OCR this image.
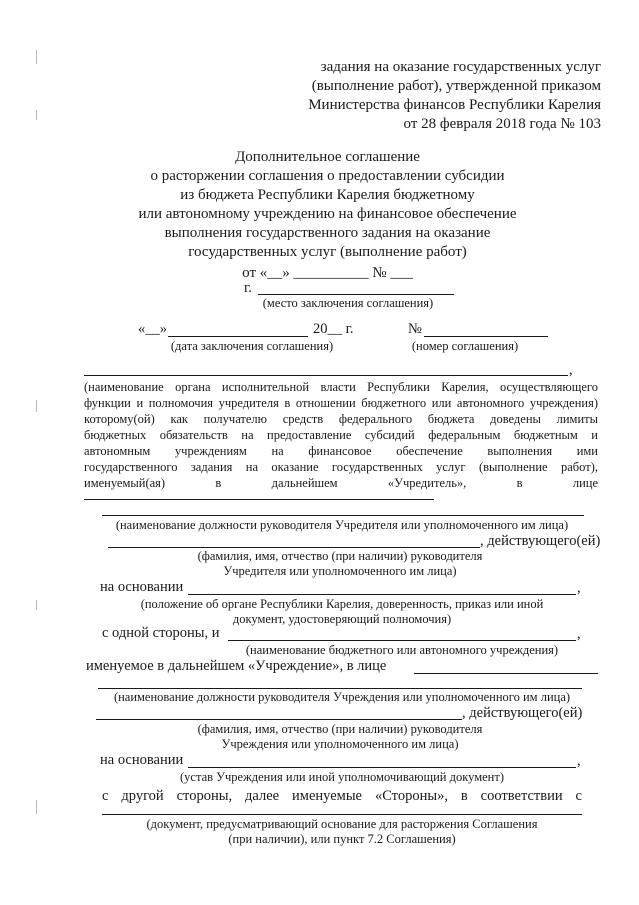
задания на оказание государственных услуг
(выполнение работ), утвержденной приказом
Министерства финансов Республики Карелия
от 28 февраля 2018 года № 103
Дополнительное соглашение
о расторжении соглашения о предоставлении субсидии
из бюджета Республики Карелия бюджетному
или автономному учреждению на финансовое обеспечение
выполнения государственного задания на оказание
государственных услуг (выполнение работ)
от «__» __________ № ___
г.
(место заключения соглашения)
«__»	20__ г.	№
(дата заключения соглашения)	(номер соглашения)
,
(наименование органа исполнительной власти Республики Карелия, осуществляющего
функции и полномочия учредителя в отношении бюджетного или автономного учреждения)
которому(ой) как получателю средств федерального бюджета доведены лимиты
бюджетных обязательств на предоставление субсидий федеральным бюджетным и
автономным учреждениям на финансовое обеспечение выполнения ими
государственного задания на оказание государственных услуг (выполнение работ),
именуемый(ая) в дальнейшем «Учредитель», в лице
(наименование должности руководителя Учредителя или уполномоченного им лица)
, действующего(ей)
(фамилия, имя, отчество (при наличии) руководителя
Учредителя или уполномоченного им лица)
на основании	,
(положение об органе Республики Карелия, доверенность, приказ или иной
документ, удостоверяющий полномочия)
с одной стороны, и	,
(наименование бюджетного или автономного учреждения)
именуемое в дальнейшем «Учреждение», в лице
(наименование должности руководителя Учреждения или уполномоченного им лица)
, действующего(ей)
(фамилия, имя, отчество (при наличии) руководителя
Учреждения или уполномоченного им лица)
на основании	,
(устав Учреждения или иной уполномочивающий документ)
с другой стороны, далее именуемые «Стороны», в соответствии с
(документ, предусматривающий основание для расторжения Соглашения
(при наличии), или пункт 7.2 Соглашения)
